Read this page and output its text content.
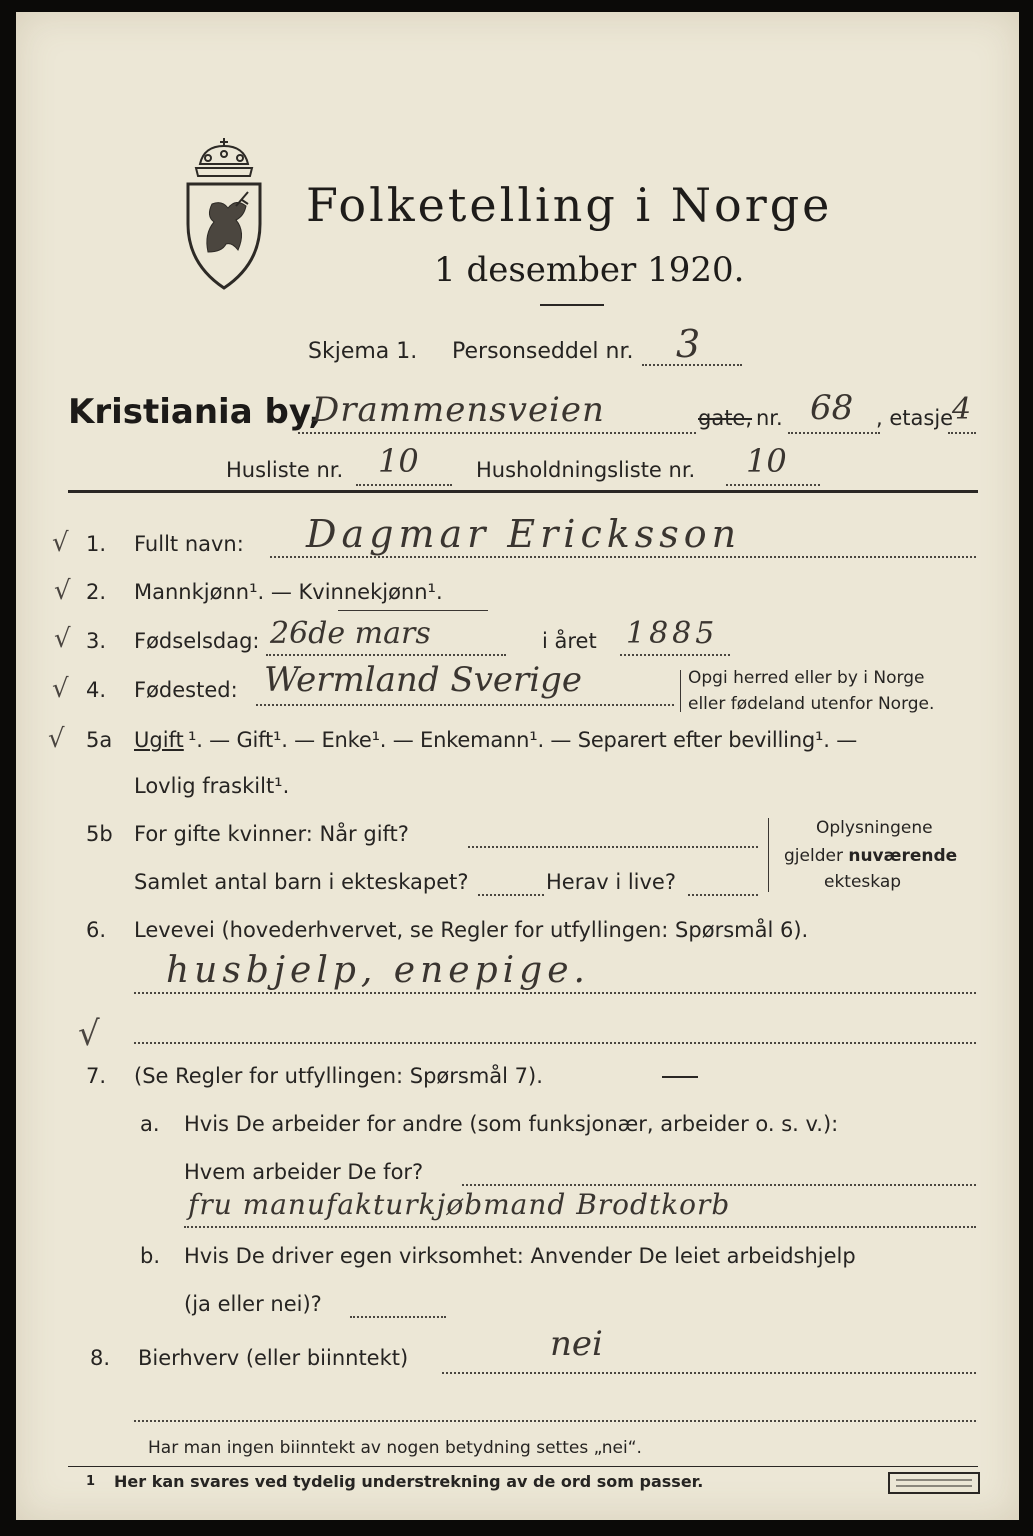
Folketelling i Norge
1 desember 1920.
Skjema 1. Personseddel nr. 3
Kristiania by,
Drammensveien	gate, nr. 68 , etasje
4
Husliste nr. 10	Husholdningsliste nr. 10
√ 1. Fullt navn: Dagmar Ericksson
√ 2. Mannkjønn¹. — Kvinnekjønn¹.
√ 3. Fødselsdag: 26de mars	i året 1885
√ 4. Fødested: Wermland Sverige	Opgi herred eller by i Norge
eller fødeland utenfor Norge.
√ 5a Ugift ¹. — Gift¹. — Enke¹. — Enkemann¹. — Separert efter bevilling¹. —
Lovlig fraskilt¹.
5b For gifte kvinner: Når gift?
Samlet antal barn i ekteskapet?	Herav i live?
Oplysningene
gjelder nuværende
ekteskap
6. Levevei (hovederhvervet, se Regler for utfyllingen: Spørsmål 6).
husbjelp, enepige.
√
7. (Se Regler for utfyllingen: Spørsmål 7).
a. Hvis De arbeider for andre (som funksjonær, arbeider o. s. v.):
Hvem arbeider De for?
fru manufakturkjøbmand Brodtkorb
b. Hvis De driver egen virksomhet: Anvender De leiet arbeidshjelp
(ja eller nei)?
8. Bierhverv (eller biinntekt)	nei
Har man ingen biinntekt av nogen betydning settes „nei“.
1 Her kan svares ved tydelig understrekning av de ord som passer.
